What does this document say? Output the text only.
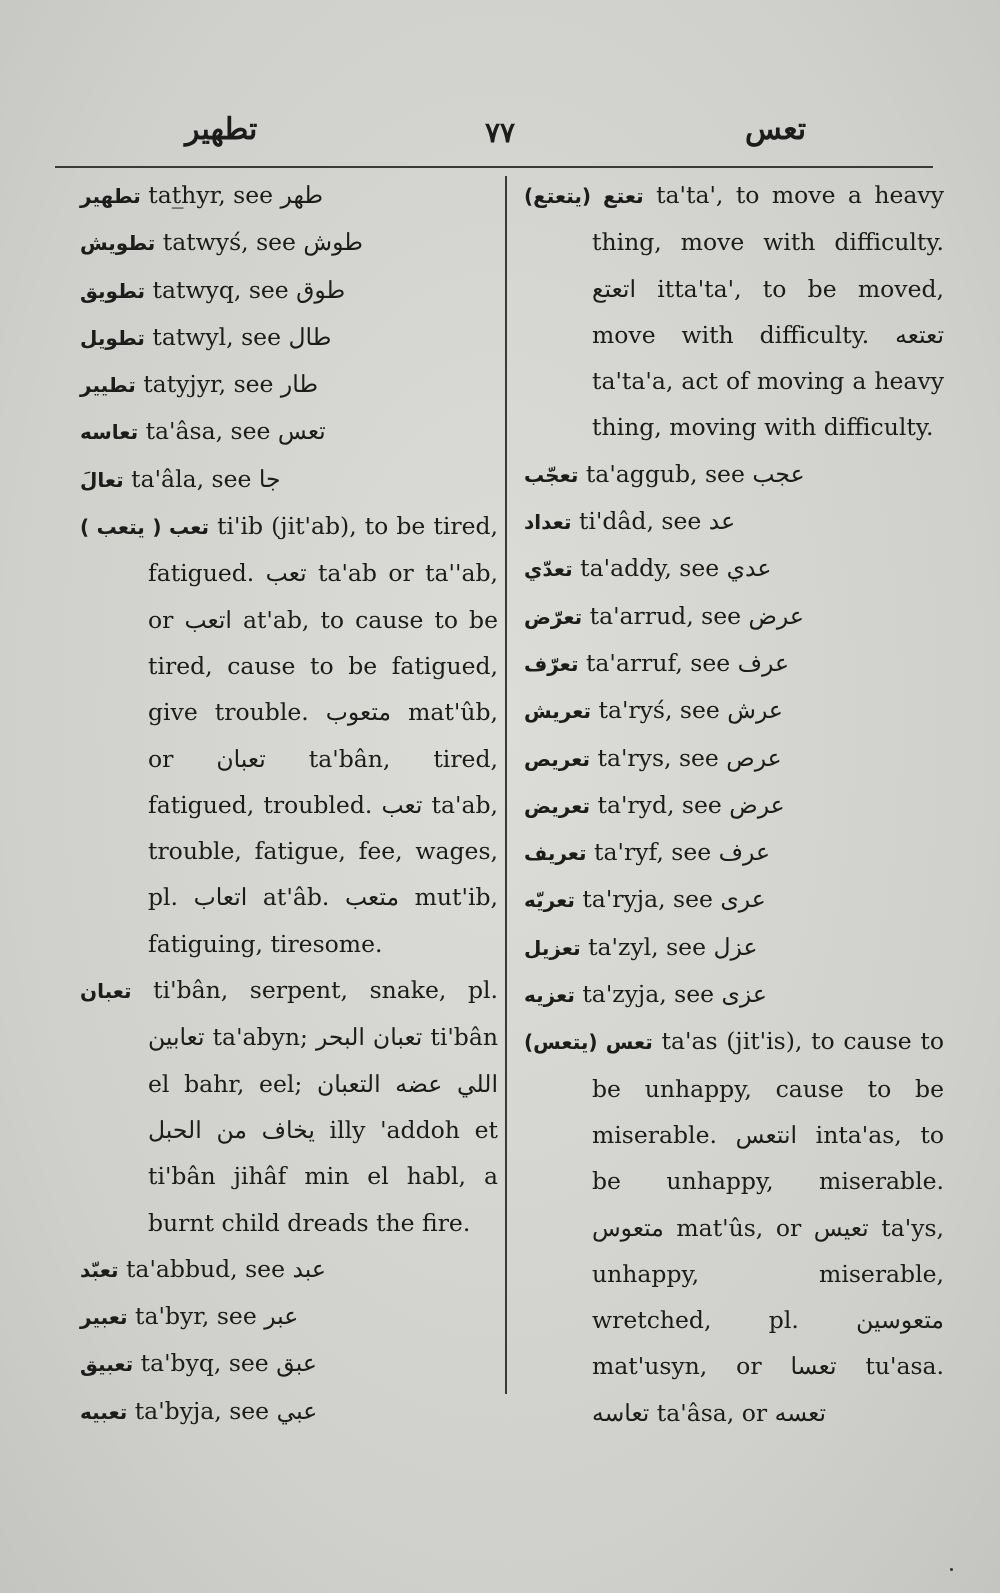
تطهير	٧٧	تعس

تطهير tat̲hyr, see طهر

تطويش tatwyś, see طوش

تطويق tatwyq, see طوق

تطويل tatwyl, see طال

تطيير tatyjyr, see طار

تعاسه ta'âsa, see تعس

تعالَ ta'âla, see جا

تعب ( يتعب ) ti'ib (jit'ab), to be tired, fatigued. تعب ta'ab or ta''ab, or اتعب at'ab, to cause to be tired, cause to be fatigued, give trouble. متعوب mat'ûb, or تعبان ta'bân, tired, fatigued, troubled. تعب ta'ab, trouble, fatigue, fee, wages, pl. اتعاب at'âb. متعب mut'ib, fatiguing, tiresome.

تعبان ti'bân, serpent, snake, pl. تعابين ta'abyn; تعبان البحر ti'bân el bahr, eel; اللي عضه التعبان يخاف من الحبل illy 'addoh et ti'bân jihâf min el habl, a burnt child dreads the fire.

تعبّد ta'abbud, see عبد

تعبير ta'byr, see عبر

تعبيق ta'byq, see عبق

تعبيه ta'byja, see عبي

تعتع (يتعتع) ta'ta', to move a heavy thing, move with difficulty. اتعتع itta'ta', to be moved, move with difficulty. تعتعه ta'ta'a, act of moving a heavy thing, moving with difficulty.

تعجّب ta'aggub, see عجب

تعداد ti'dâd, see عد

تعدّي ta'addy, see عدي

تعرّض ta'arrud, see عرض

تعرّف ta'arruf, see عرف

تعريش ta'ryś, see عرش

تعريص ta'rys, see عرص

تعريض ta'ryd, see عرض

تعريف ta'ryf, see عرف

تعريّه ta'ryja, see عرى

تعزيل ta'zyl, see عزل

تعزيه ta'zyja, see عزى

تعس (يتعس) ta'as (jit'is), to cause to be unhappy, cause to be miserable. انتعس inta'as, to be unhappy, miserable. متعوس mat'ûs, or تعيس ta'ys, unhappy, miserable, wretched, pl. متعوسين mat'usyn, or تعسا tu'asa. تعاسه ta'âsa, or تعسه
